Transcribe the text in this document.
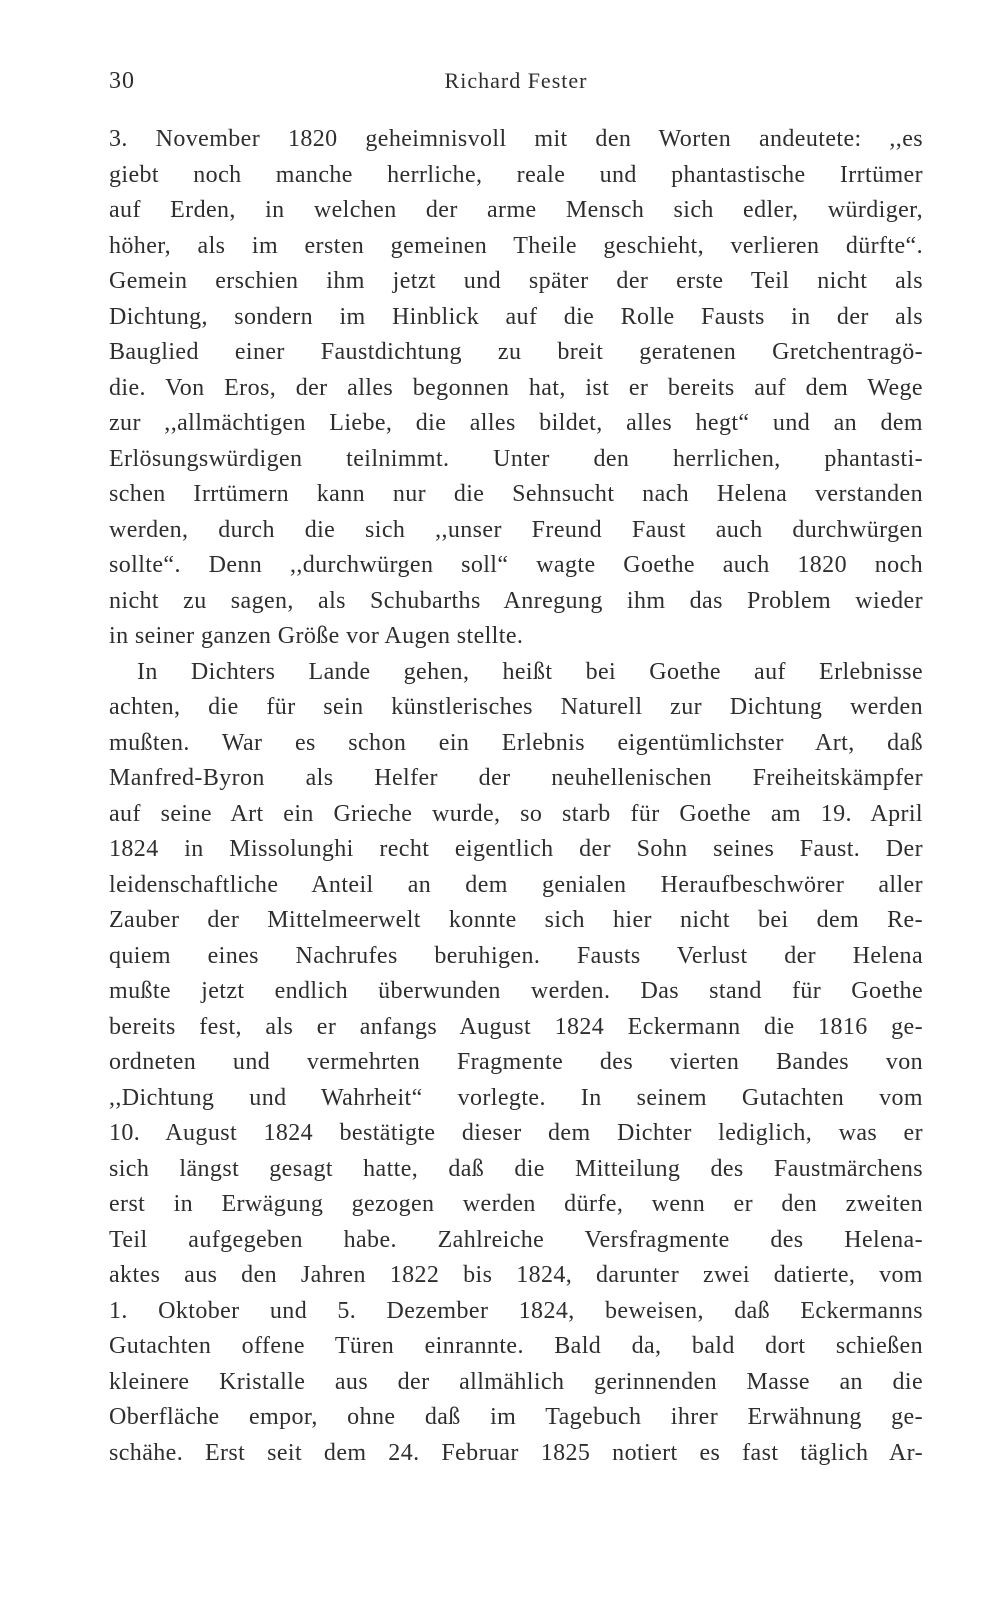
30	Richard Fester
3. November 1820 geheimnisvoll mit den Worten andeutete: ,,es
giebt noch manche herrliche, reale und phantastische Irrtümer
auf Erden, in welchen der arme Mensch sich edler, würdiger,
höher, als im ersten gemeinen Theile geschieht, verlieren dürfte“.
Gemein erschien ihm jetzt und später der erste Teil nicht als
Dichtung, sondern im Hinblick auf die Rolle Fausts in der als
Bauglied einer Faustdichtung zu breit geratenen Gretchentragö-
die. Von Eros, der alles begonnen hat, ist er bereits auf dem Wege
zur ,,allmächtigen Liebe, die alles bildet, alles hegt“ und an dem
Erlösungswürdigen teilnimmt. Unter den herrlichen, phantasti-
schen Irrtümern kann nur die Sehnsucht nach Helena verstanden
werden, durch die sich ,,unser Freund Faust auch durchwürgen
sollte“. Denn ,,durchwürgen soll“ wagte Goethe auch 1820 noch
nicht zu sagen, als Schubarths Anregung ihm das Problem wieder
in seiner ganzen Größe vor Augen stellte.
In Dichters Lande gehen, heißt bei Goethe auf Erlebnisse
achten, die für sein künstlerisches Naturell zur Dichtung werden
mußten. War es schon ein Erlebnis eigentümlichster Art, daß
Manfred-Byron als Helfer der neuhellenischen Freiheitskämpfer
auf seine Art ein Grieche wurde, so starb für Goethe am 19. April
1824 in Missolunghi recht eigentlich der Sohn seines Faust. Der
leidenschaftliche Anteil an dem genialen Heraufbeschwörer aller
Zauber der Mittelmeerwelt konnte sich hier nicht bei dem Re-
quiem eines Nachrufes beruhigen. Fausts Verlust der Helena
mußte jetzt endlich überwunden werden. Das stand für Goethe
bereits fest, als er anfangs August 1824 Eckermann die 1816 ge-
ordneten und vermehrten Fragmente des vierten Bandes von
,,Dichtung und Wahrheit“ vorlegte. In seinem Gutachten vom
10. August 1824 bestätigte dieser dem Dichter lediglich, was er
sich längst gesagt hatte, daß die Mitteilung des Faustmärchens
erst in Erwägung gezogen werden dürfe, wenn er den zweiten
Teil aufgegeben habe. Zahlreiche Versfragmente des Helena-
aktes aus den Jahren 1822 bis 1824, darunter zwei datierte, vom
1. Oktober und 5. Dezember 1824, beweisen, daß Eckermanns
Gutachten offene Türen einrannte. Bald da, bald dort schießen
kleinere Kristalle aus der allmählich gerinnenden Masse an die
Oberfläche empor, ohne daß im Tagebuch ihrer Erwähnung ge-
schähe. Erst seit dem 24. Februar 1825 notiert es fast täglich Ar-
